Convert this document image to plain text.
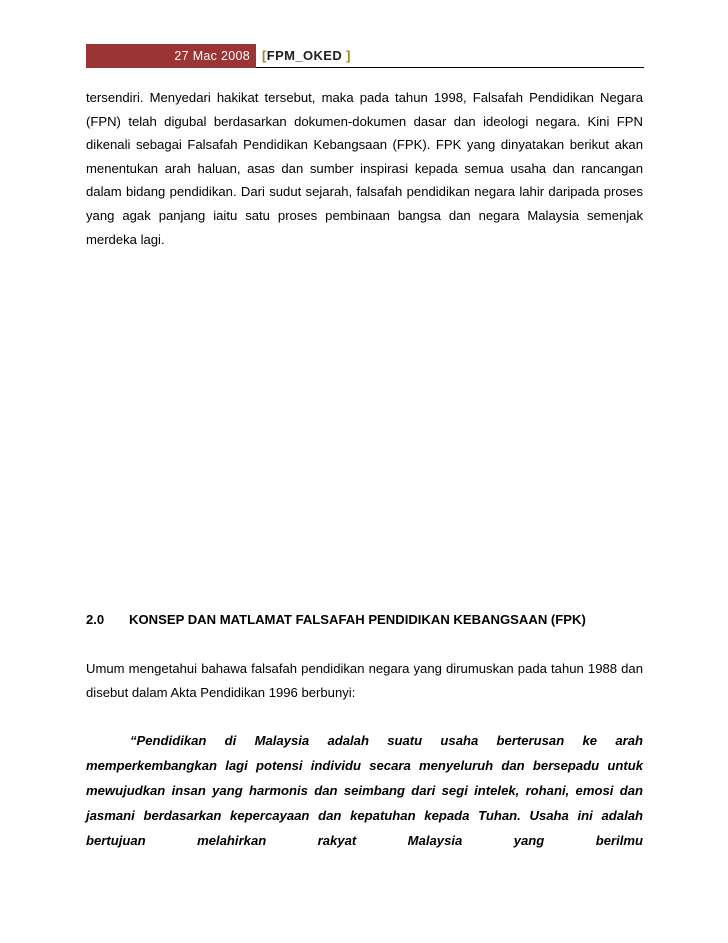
27 Mac 2008 [FPM_OKED ]

tersendiri. Menyedari hakikat tersebut, maka pada tahun 1998, Falsafah Pendidikan Negara (FPN) telah digubal berdasarkan dokumen-dokumen dasar dan ideologi negara. Kini FPN dikenali sebagai Falsafah Pendidikan Kebangsaan (FPK). FPK yang dinyatakan berikut akan menentukan arah haluan, asas dan sumber inspirasi kepada semua usaha dan rancangan dalam bidang pendidikan. Dari sudut sejarah, falsafah pendidikan negara lahir daripada proses yang agak panjang iaitu satu proses pembinaan bangsa dan negara Malaysia semenjak merdeka lagi.

2.0 KONSEP DAN MATLAMAT FALSAFAH PENDIDIKAN KEBANGSAAN (FPK)

Umum mengetahui bahawa falsafah pendidikan negara yang dirumuskan pada tahun 1988 dan disebut dalam Akta Pendidikan 1996 berbunyi:

“Pendidikan di Malaysia adalah suatu usaha berterusan ke arah memperkembangkan lagi potensi individu secara menyeluruh dan bersepadu untuk mewujudkan insan yang harmonis dan seimbang dari segi intelek, rohani, emosi dan jasmani berdasarkan kepercayaan dan kepatuhan kepada Tuhan. Usaha ini adalah bertujuan melahirkan rakyat Malaysia yang berilmu
